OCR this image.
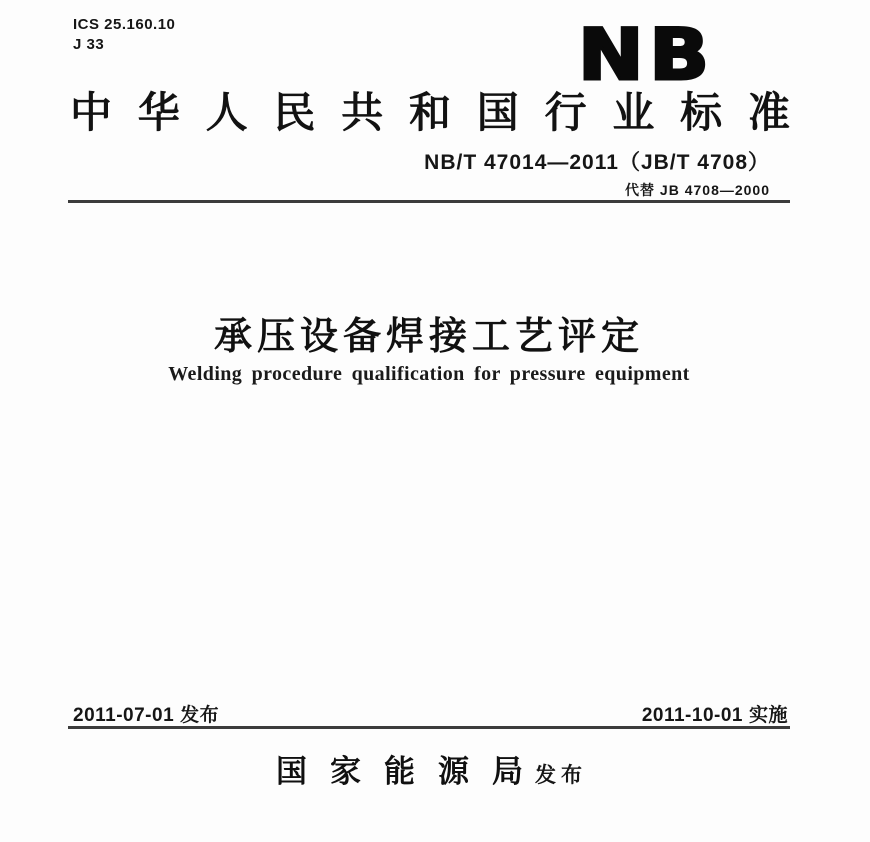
ICS 25.160.10
J 33	NB
中 华 人 民 共 和 国 行 业 标 准
NB/T 47014—2011（JB/T 4708）
代替 JB 4708—2000
承压设备焊接工艺评定
Welding procedure qualification for pressure equipment
2011-07-01 发布	2011-10-01 实施
国家能源局
发布
